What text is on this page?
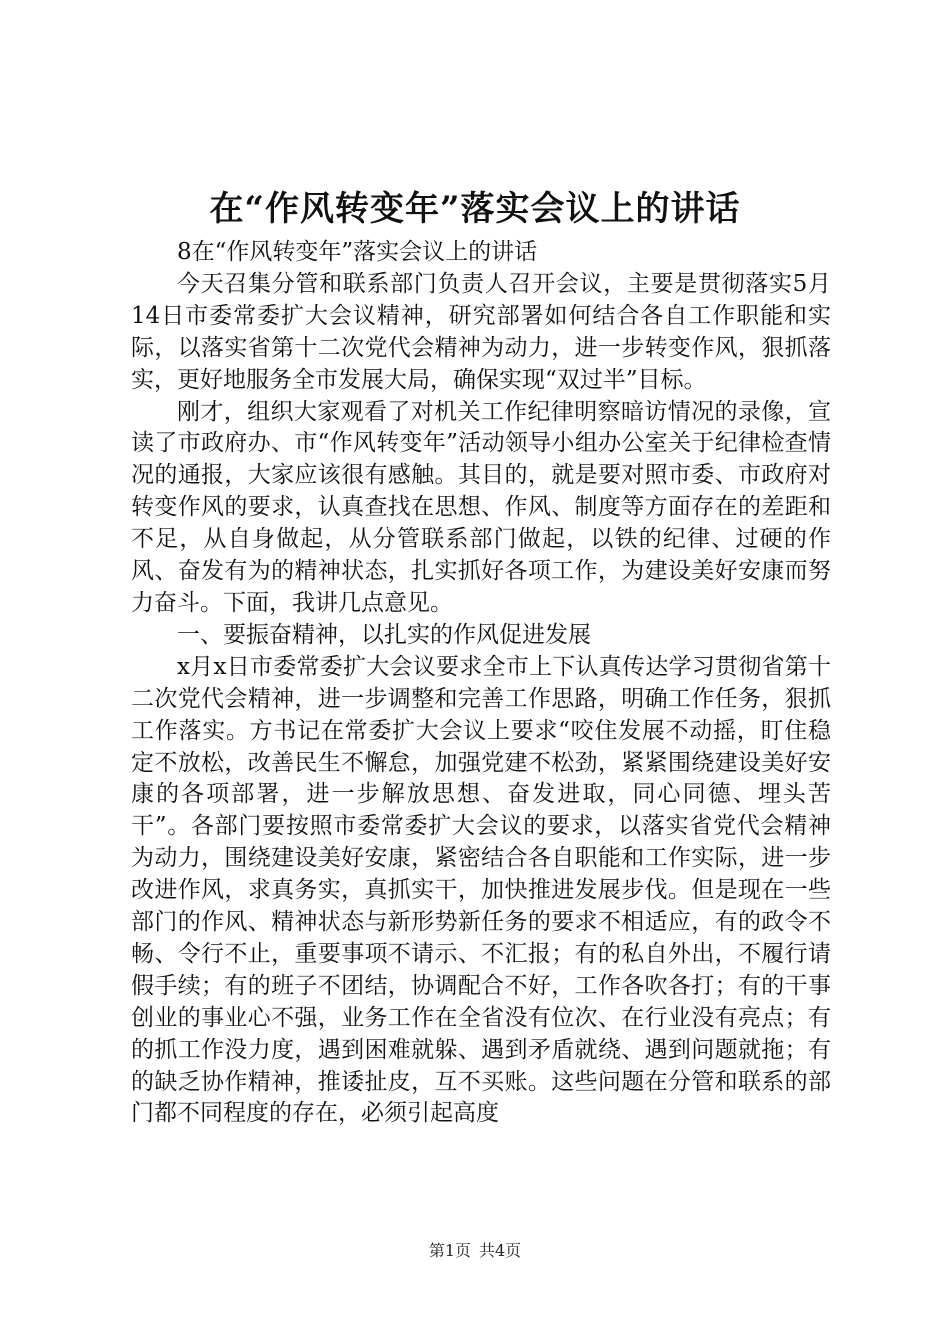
在“作风转变年”落实会议上的讲话

8在“作风转变年”落实会议上的讲话

今天召集分管和联系部门负责人召开会议，主要是贯彻落实5月14日市委常委扩大会议精神，研究部署如何结合各自工作职能和实际，以落实省第十二次党代会精神为动力，进一步转变作风，狠抓落实，更好地服务全市发展大局，确保实现“双过半”目标。

刚才，组织大家观看了对机关工作纪律明察暗访情况的录像，宣读了市政府办、市“作风转变年”活动领导小组办公室关于纪律检查情况的通报，大家应该很有感触。其目的，就是要对照市委、市政府对转变作风的要求，认真查找在思想、作风、制度等方面存在的差距和不足，从自身做起，从分管联系部门做起，以铁的纪律、过硬的作风、奋发有为的精神状态，扎实抓好各项工作，为建设美好安康而努力奋斗。下面，我讲几点意见。

一、要振奋精神，以扎实的作风促进发展

x月x日市委常委扩大会议要求全市上下认真传达学习贯彻省第十二次党代会精神，进一步调整和完善工作思路，明确工作任务，狠抓工作落实。方书记在常委扩大会议上要求“咬住发展不动摇，盯住稳定不放松，改善民生不懈怠，加强党建不松劲，紧紧围绕建设美好安康的各项部署，进一步解放思想、奋发进取，同心同德、埋头苦干”。各部门要按照市委常委扩大会议的要求，以落实省党代会精神为动力，围绕建设美好安康，紧密结合各自职能和工作实际，进一步改进作风，求真务实，真抓实干，加快推进发展步伐。但是现在一些部门的作风、精神状态与新形势新任务的要求不相适应，有的政令不畅、令行不止，重要事项不请示、不汇报；有的私自外出，不履行请假手续；有的班子不团结，协调配合不好，工作各吹各打；有的干事创业的事业心不强，业务工作在全省没有位次、在行业没有亮点；有的抓工作没力度，遇到困难就躲、遇到矛盾就绕、遇到问题就拖；有的缺乏协作精神，推诿扯皮，互不买账。这些问题在分管和联系的部门都不同程度的存在，必须引起高度

第1页 共4页
